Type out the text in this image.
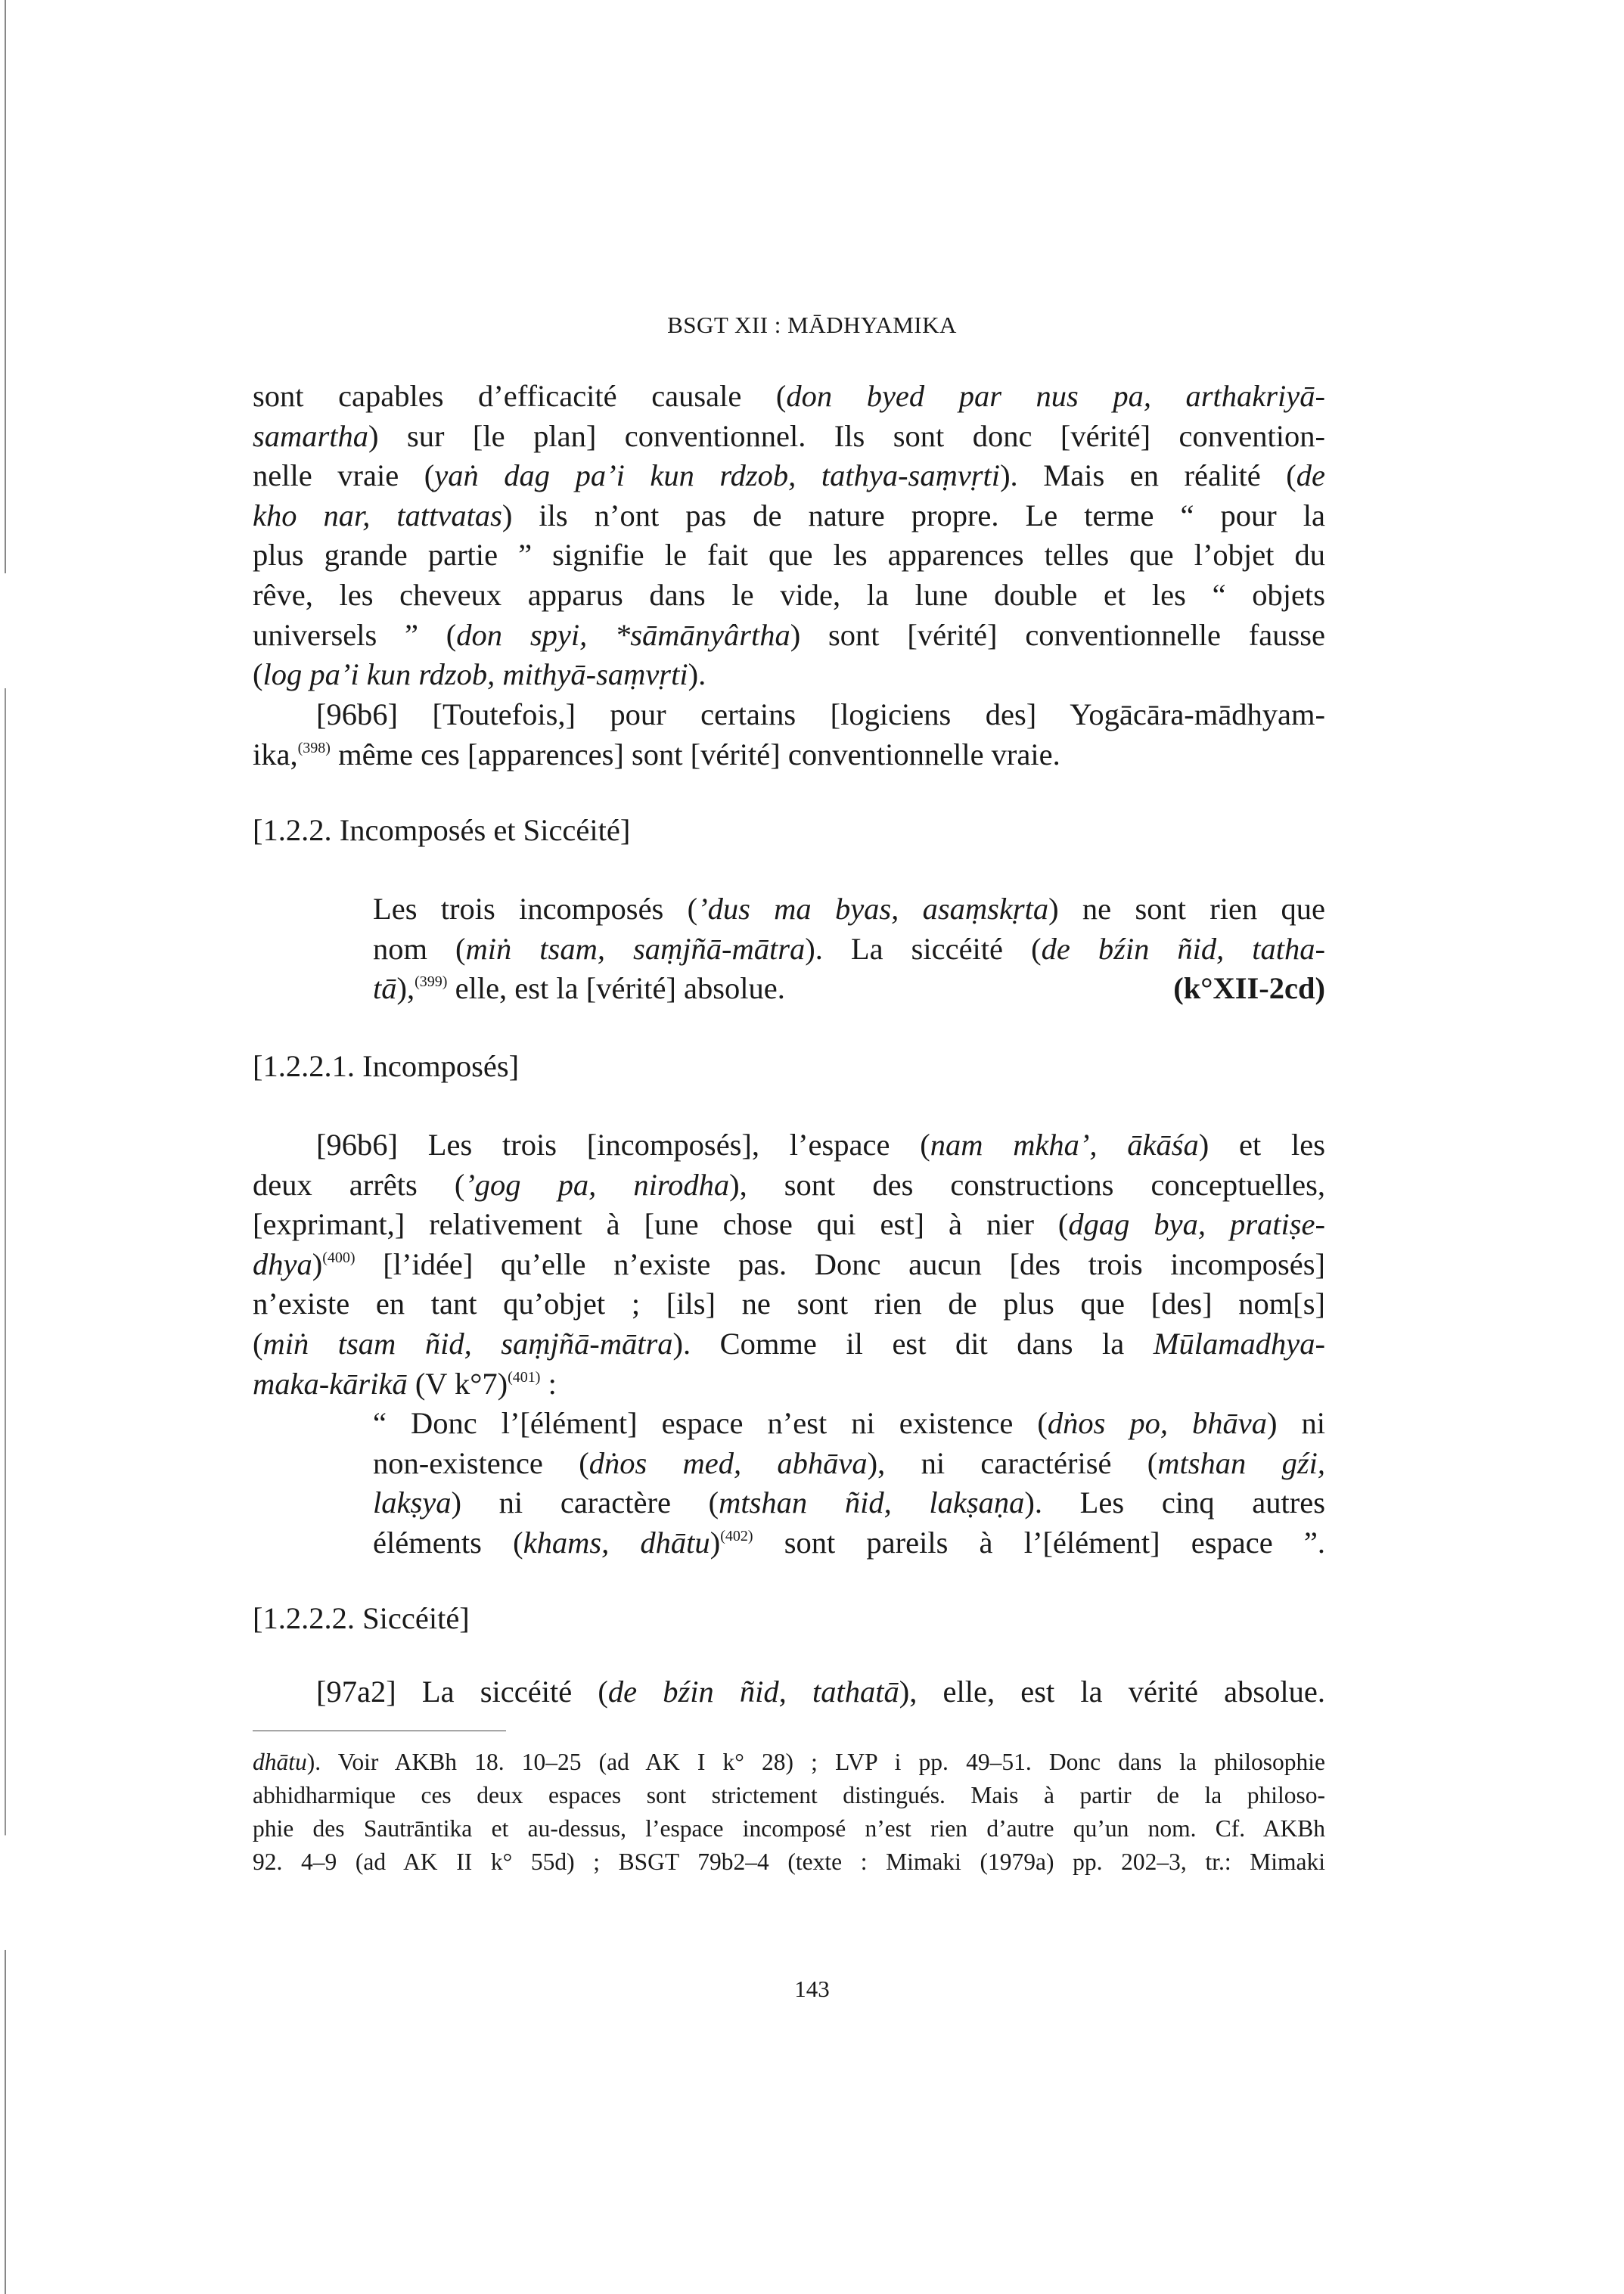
BSGT XII : MĀDHYAMIKA
sont capables d’efficacité causale (don byed par nus pa, arthakriyā-
samartha) sur [le plan] conventionnel. Ils sont donc [vérité] convention-
nelle vraie (yaṅ dag pa’i kun rdzob, tathya-saṃvṛti). Mais en réalité (de
kho nar, tattvatas) ils n’ont pas de nature propre. Le terme “ pour la
plus grande partie ” signifie le fait que les apparences telles que l’objet du
rêve, les cheveux apparus dans le vide, la lune double et les “ objets
universels ” (don spyi, *sāmānyârtha) sont [vérité] conventionnelle fausse
(log pa’i kun rdzob, mithyā-saṃvṛti).
[96b6] [Toutefois,] pour certains [logiciens des] Yogācāra-mādhyam-
ika,$^{(398)}$ même ces [apparences] sont [vérité] conventionnelle vraie.
[1.2.2. Incomposés et Siccéité]
Les trois incomposés (’dus ma byas, asaṃskṛta) ne sont rien que
nom (miṅ tsam, saṃjñā-mātra). La siccéité (de bźin ñid, tatha-
tā),$^{(399)}$ elle, est la [vérité] absolue.	(k°XII-2cd)
[1.2.2.1. Incomposés]
[96b6] Les trois [incomposés], l’espace (nam mkha’, ākāśa) et les
deux arrêts (’gog pa, nirodha), sont des constructions conceptuelles,
[exprimant,] relativement à [une chose qui est] à nier (dgag bya, pratiṣe-
dhya)$^{(400)}$ [l’idée] qu’elle n’existe pas. Donc aucun [des trois incomposés]
n’existe en tant qu’objet ; [ils] ne sont rien de plus que [des] nom[s]
(miṅ tsam ñid, saṃjñā-mātra). Comme il est dit dans la Mūlamadhya-
maka-kārikā (V k°7)$^{(401)}$ :
“ Donc l’[élément] espace n’est ni existence (dṅos po, bhāva) ni
non-existence (dṅos med, abhāva), ni caractérisé (mtshan gźi,
lakṣya) ni caractère (mtshan ñid, lakṣaṇa). Les cinq autres
éléments (khams, dhātu)$^{(402)}$ sont pareils à l’[élément] espace ”.
[1.2.2.2. Siccéité]
[97a2] La siccéité (de bźin ñid, tathatā), elle, est la vérité absolue.
dhātu). Voir AKBh 18. 10–25 (ad AK I k° 28) ; LVP i pp. 49–51. Donc dans la philosophie
abhidharmique ces deux espaces sont strictement distingués. Mais à partir de la philoso-
phie des Sautrāntika et au-dessus, l’espace incomposé n’est rien d’autre qu’un nom. Cf. AKBh
92. 4–9 (ad AK II k° 55d) ; BSGT 79b2–4 (texte : Mimaki (1979a) pp. 202–3, tr.: Mimaki
143
